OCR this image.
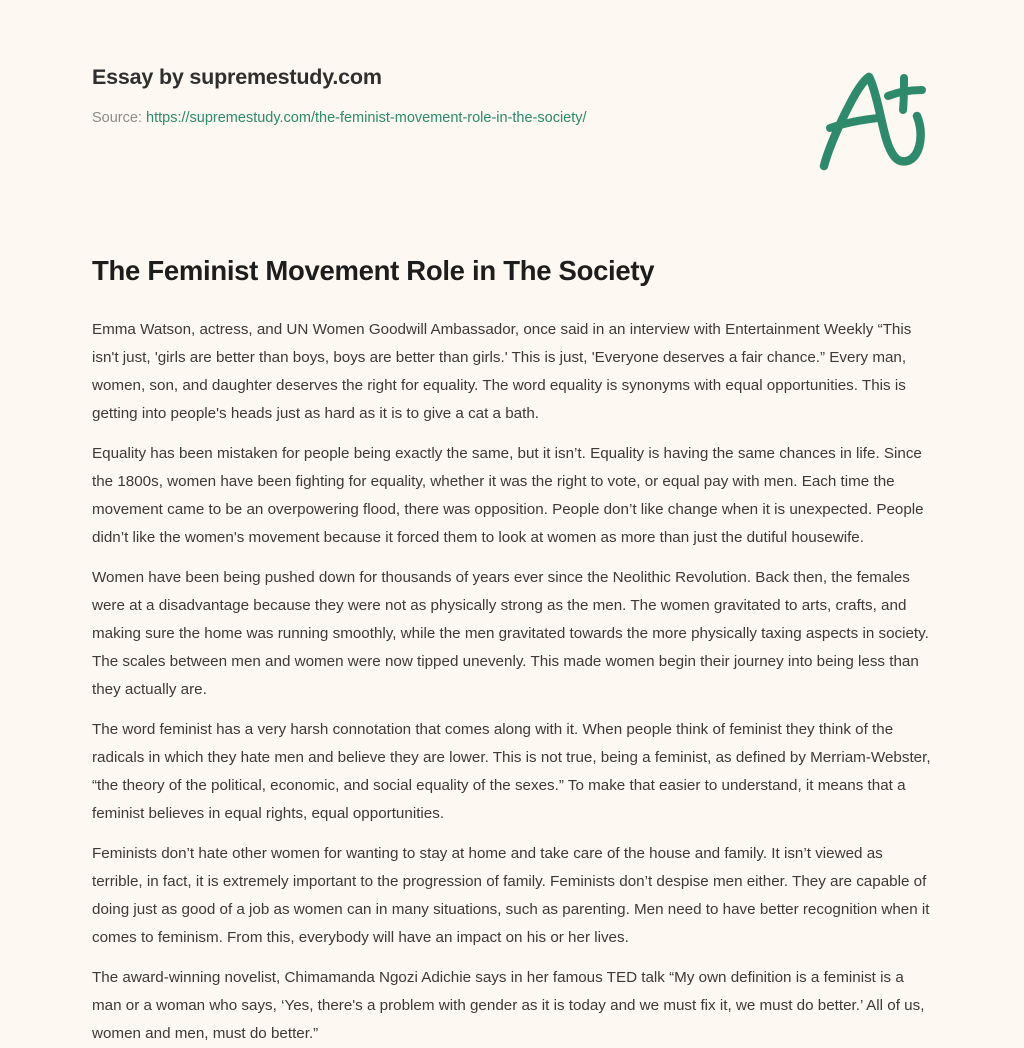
Essay by supremestudy.com
Source: https://supremestudy.com/the-feminist-movement-role-in-the-society/
The Feminist Movement Role in The Society

Emma Watson, actress, and UN Women Goodwill Ambassador, once said in an interview with Entertainment Weekly “This isn't just, 'girls are better than boys, boys are better than girls.' This is just, 'Everyone deserves a fair chance.” Every man, women, son, and daughter deserves the right for equality. The word equality is synonyms with equal opportunities. This is getting into people's heads just as hard as it is to give a cat a bath.

Equality has been mistaken for people being exactly the same, but it isn’t. Equality is having the same chances in life. Since the 1800s, women have been fighting for equality, whether it was the right to vote, or equal pay with men. Each time the movement came to be an overpowering flood, there was opposition. People don’t like change when it is unexpected. People didn’t like the women's movement because it forced them to look at women as more than just the dutiful housewife.

Women have been being pushed down for thousands of years ever since the Neolithic Revolution. Back then, the females were at a disadvantage because they were not as physically strong as the men. The women gravitated to arts, crafts, and making sure the home was running smoothly, while the men gravitated towards the more physically taxing aspects in society. The scales between men and women were now tipped unevenly. This made women begin their journey into being less than they actually are.

The word feminist has a very harsh connotation that comes along with it. When people think of feminist they think of the radicals in which they hate men and believe they are lower. This is not true, being a feminist, as defined by Merriam-Webster, “the theory of the political, economic, and social equality of the sexes.” To make that easier to understand, it means that a feminist believes in equal rights, equal opportunities.

Feminists don’t hate other women for wanting to stay at home and take care of the house and family. It isn’t viewed as terrible, in fact, it is extremely important to the progression of family. Feminists don’t despise men either. They are capable of doing just as good of a job as women can in many situations, such as parenting. Men need to have better recognition when it comes to feminism. From this, everybody will have an impact on his or her lives.

The award-winning novelist, Chimamanda Ngozi Adichie says in her famous TED talk “My own definition is a feminist is a man or a woman who says, ‘Yes, there's a problem with gender as it is today and we must fix it, we must do better.’ All of us, women and men, must do better.”
